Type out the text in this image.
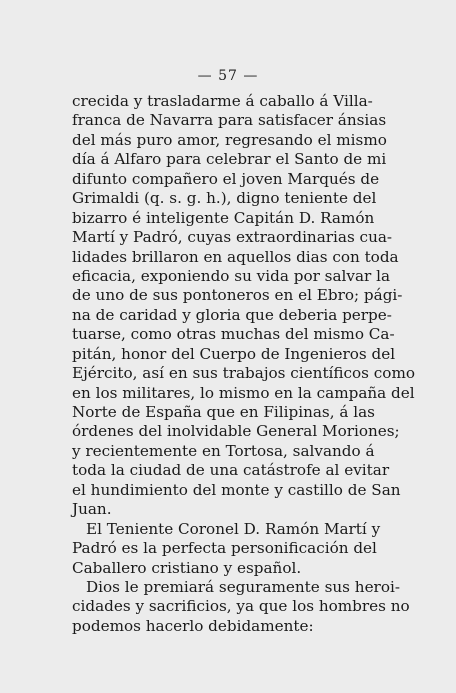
— 57 —
crecida y trasladarme á caballo á Villa-
franca de Navarra para satisfacer ánsias
del más puro amor, regresando el mismo
día á Alfaro para celebrar el Santo de mi
difunto compañero el joven Marqués de
Grimaldi (q. s. g. h.), digno teniente del
bizarro é inteligente Capitán D. Ramón
Martí y Padró, cuyas extraordinarias cua-
lidades brillaron en aquellos dias con toda
eficacia, exponiendo su vida por salvar la
de uno de sus pontoneros en el Ebro; pági-
na de caridad y gloria que deberia perpe-
tuarse, como otras muchas del mismo Ca-
pitán, honor del Cuerpo de Ingenieros del
Ejército, así en sus trabajos científicos como
en los militares, lo mismo en la campaña del
Norte de España que en Filipinas, á las
órdenes del inolvidable General Moriones;
y recientemente en Tortosa, salvando á
toda la ciudad de una catástrofe al evitar
el hundimiento del monte y castillo de San
Juan.
El Teniente Coronel D. Ramón Martí y
Padró es la perfecta personificación del
Caballero cristiano y español.
Dios le premiará seguramente sus heroi-
cidades y sacrificios, ya que los hombres no
podemos hacerlo debidamente:
